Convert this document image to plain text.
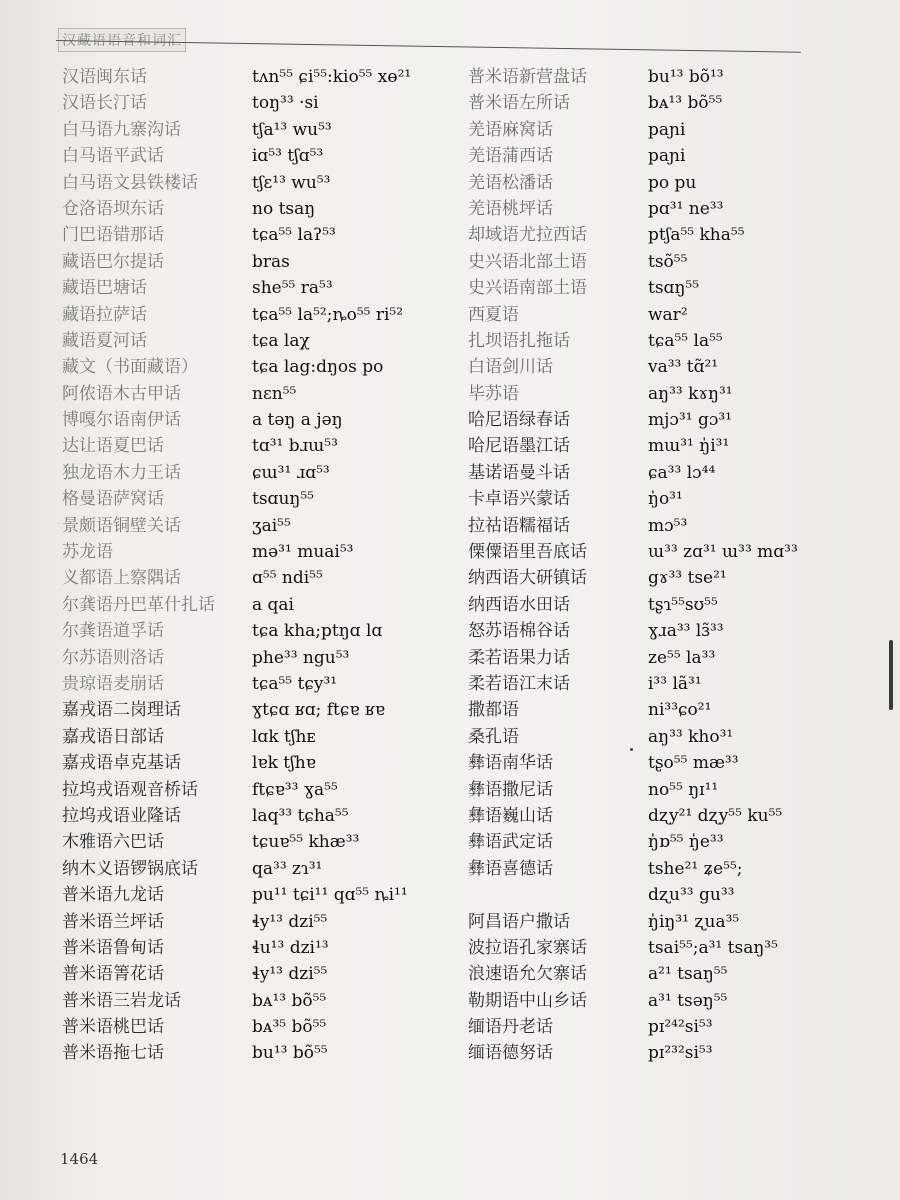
汉藏语语音和词汇
汉语闽东话	tʌn⁵⁵ ɕi⁵⁵:kio⁵⁵ xɵ²¹
汉语长汀话	toŋ³³ ·si
白马语九寨沟话	tʃa¹³ wu⁵³
白马语平武话	iɑ⁵³ tʃɑ⁵³
白马语文县铁楼话	tʃɛ¹³ wu⁵³
仓洛语坝东话	no tsaŋ
门巴语错那话	tɕa⁵⁵ laʔ⁵³
藏语巴尔提话	bras
藏语巴塘话	she⁵⁵ ra⁵³
藏语拉萨话	tɕa⁵⁵ la⁵²;ȵo⁵⁵ ri⁵²
藏语夏河话	tɕa laχ
藏文（书面藏语）	tɕa lag:dŋos po
阿侬语木古甲话	nɛn⁵⁵
博嘎尔语南伊话	a təŋ a jəŋ
达让语夏巴话	tɑ³¹ bɹɯ⁵³
独龙语木力王话	ɕɯ³¹ ɹɑ⁵³
格曼语萨窝话	tsɑuŋ⁵⁵
景颇语铜壁关话	ʒai⁵⁵
苏龙语	mə³¹ muai⁵³
义都语上察隅话	ɑ⁵⁵ ndi⁵⁵
尔龚语丹巴革什扎话 a qai
尔龚语道孚话	tɕa kha;ptŋɑ lɑ
尔苏语则洛话	phe³³ ngu⁵³
贵琼语麦崩话	tɕa⁵⁵ tɕy³¹
嘉戎语二岗理话	ɣtɕɑ ʁɑ; ftɕɐ ʁɐ
嘉戎语日部话	lɑk tʃhᴇ
嘉戎语卓克基话	lɐk tʃhɐ
拉坞戎语观音桥话	ftɕɐ³³ ɣa⁵⁵
拉坞戎语业隆话	laq³³ tɕha⁵⁵
木雅语六巴话	tɕuɐ⁵⁵ khæ³³
纳木义语锣锅底话	qa³³ zɿ³¹
普米语九龙话	pu¹¹ tɕi¹¹ qɑ⁵⁵ ȵi¹¹
普米语兰坪话	ɬy¹³ dzi⁵⁵
普米语鲁甸话	ɬu¹³ dzi¹³
普米语箐花话	ɬy¹³ dzi⁵⁵
普米语三岩龙话	bᴀ¹³ bõ⁵⁵
普米语桃巴话	bᴀ³⁵ bõ⁵⁵
普米语拖七话	bu¹³ bõ⁵⁵
普米语新营盘话	bu¹³ bõ¹³
普米语左所话	bᴀ¹³ bõ⁵⁵
羌语麻窝话	paɲi
羌语蒲西话	paɲi
羌语松潘话	po pu
羌语桃坪话	pɑ³¹ ne³³
却域语尤拉西话	ptʃa⁵⁵ kha⁵⁵
史兴语北部土语	tsõ⁵⁵
史兴语南部土语	tsɑŋ⁵⁵
西夏语	war²
扎坝语扎拖话	tɕa⁵⁵ la⁵⁵
白语剑川话	va³³ tɑ̃²¹
毕苏语	aŋ³³ kɤŋ³¹
哈尼语绿春话	mjɔ³¹ gɔ³¹
哈尼语墨江话	mɯ³¹ ŋ̍i³¹
基诺语曼斗话	ɕa³³ lɔ⁴⁴
卡卓语兴蒙话	ŋ̍o³¹
拉祜语糯福话	mɔ⁵³
傈僳语里吾底话	ɯ³³ zɑ³¹ ɯ³³ mɑ³³
纳西语大研镇话	gɤ³³ tse²¹
纳西语水田话	tʂɿ⁵⁵sʊ⁵⁵
怒苏语棉谷话	ɣɹa³³ lɜ̃³³
柔若语果力话	ze⁵⁵ la³³
柔若语江末话	i³³ lã³¹
撒都语	ni³³ɕo²¹
桑孔语	aŋ³³ kho³¹
彝语南华话	tʂo⁵⁵ mæ³³
彝语撒尼话	no⁵⁵ ŋɪ¹¹
彝语巍山话	dʐy²¹ dʐy⁵⁵ ku⁵⁵
彝语武定话	ŋ̍ɒ⁵⁵ ŋ̍e³³
彝语喜德话	tshe²¹ ʑe⁵⁵;
dʐu³³ gu³³
阿昌语户撒话	ŋ̍iŋ³¹ ʐua³⁵
波拉语孔家寨话	tsai⁵⁵;a³¹ tsaŋ³⁵
浪速语允欠寨话	a²¹ tsaŋ⁵⁵
勒期语中山乡话	a³¹ tsəŋ⁵⁵
缅语丹老话	pɪ²⁴²si⁵³
缅语德努话	pɪ²³²si⁵³
1464
